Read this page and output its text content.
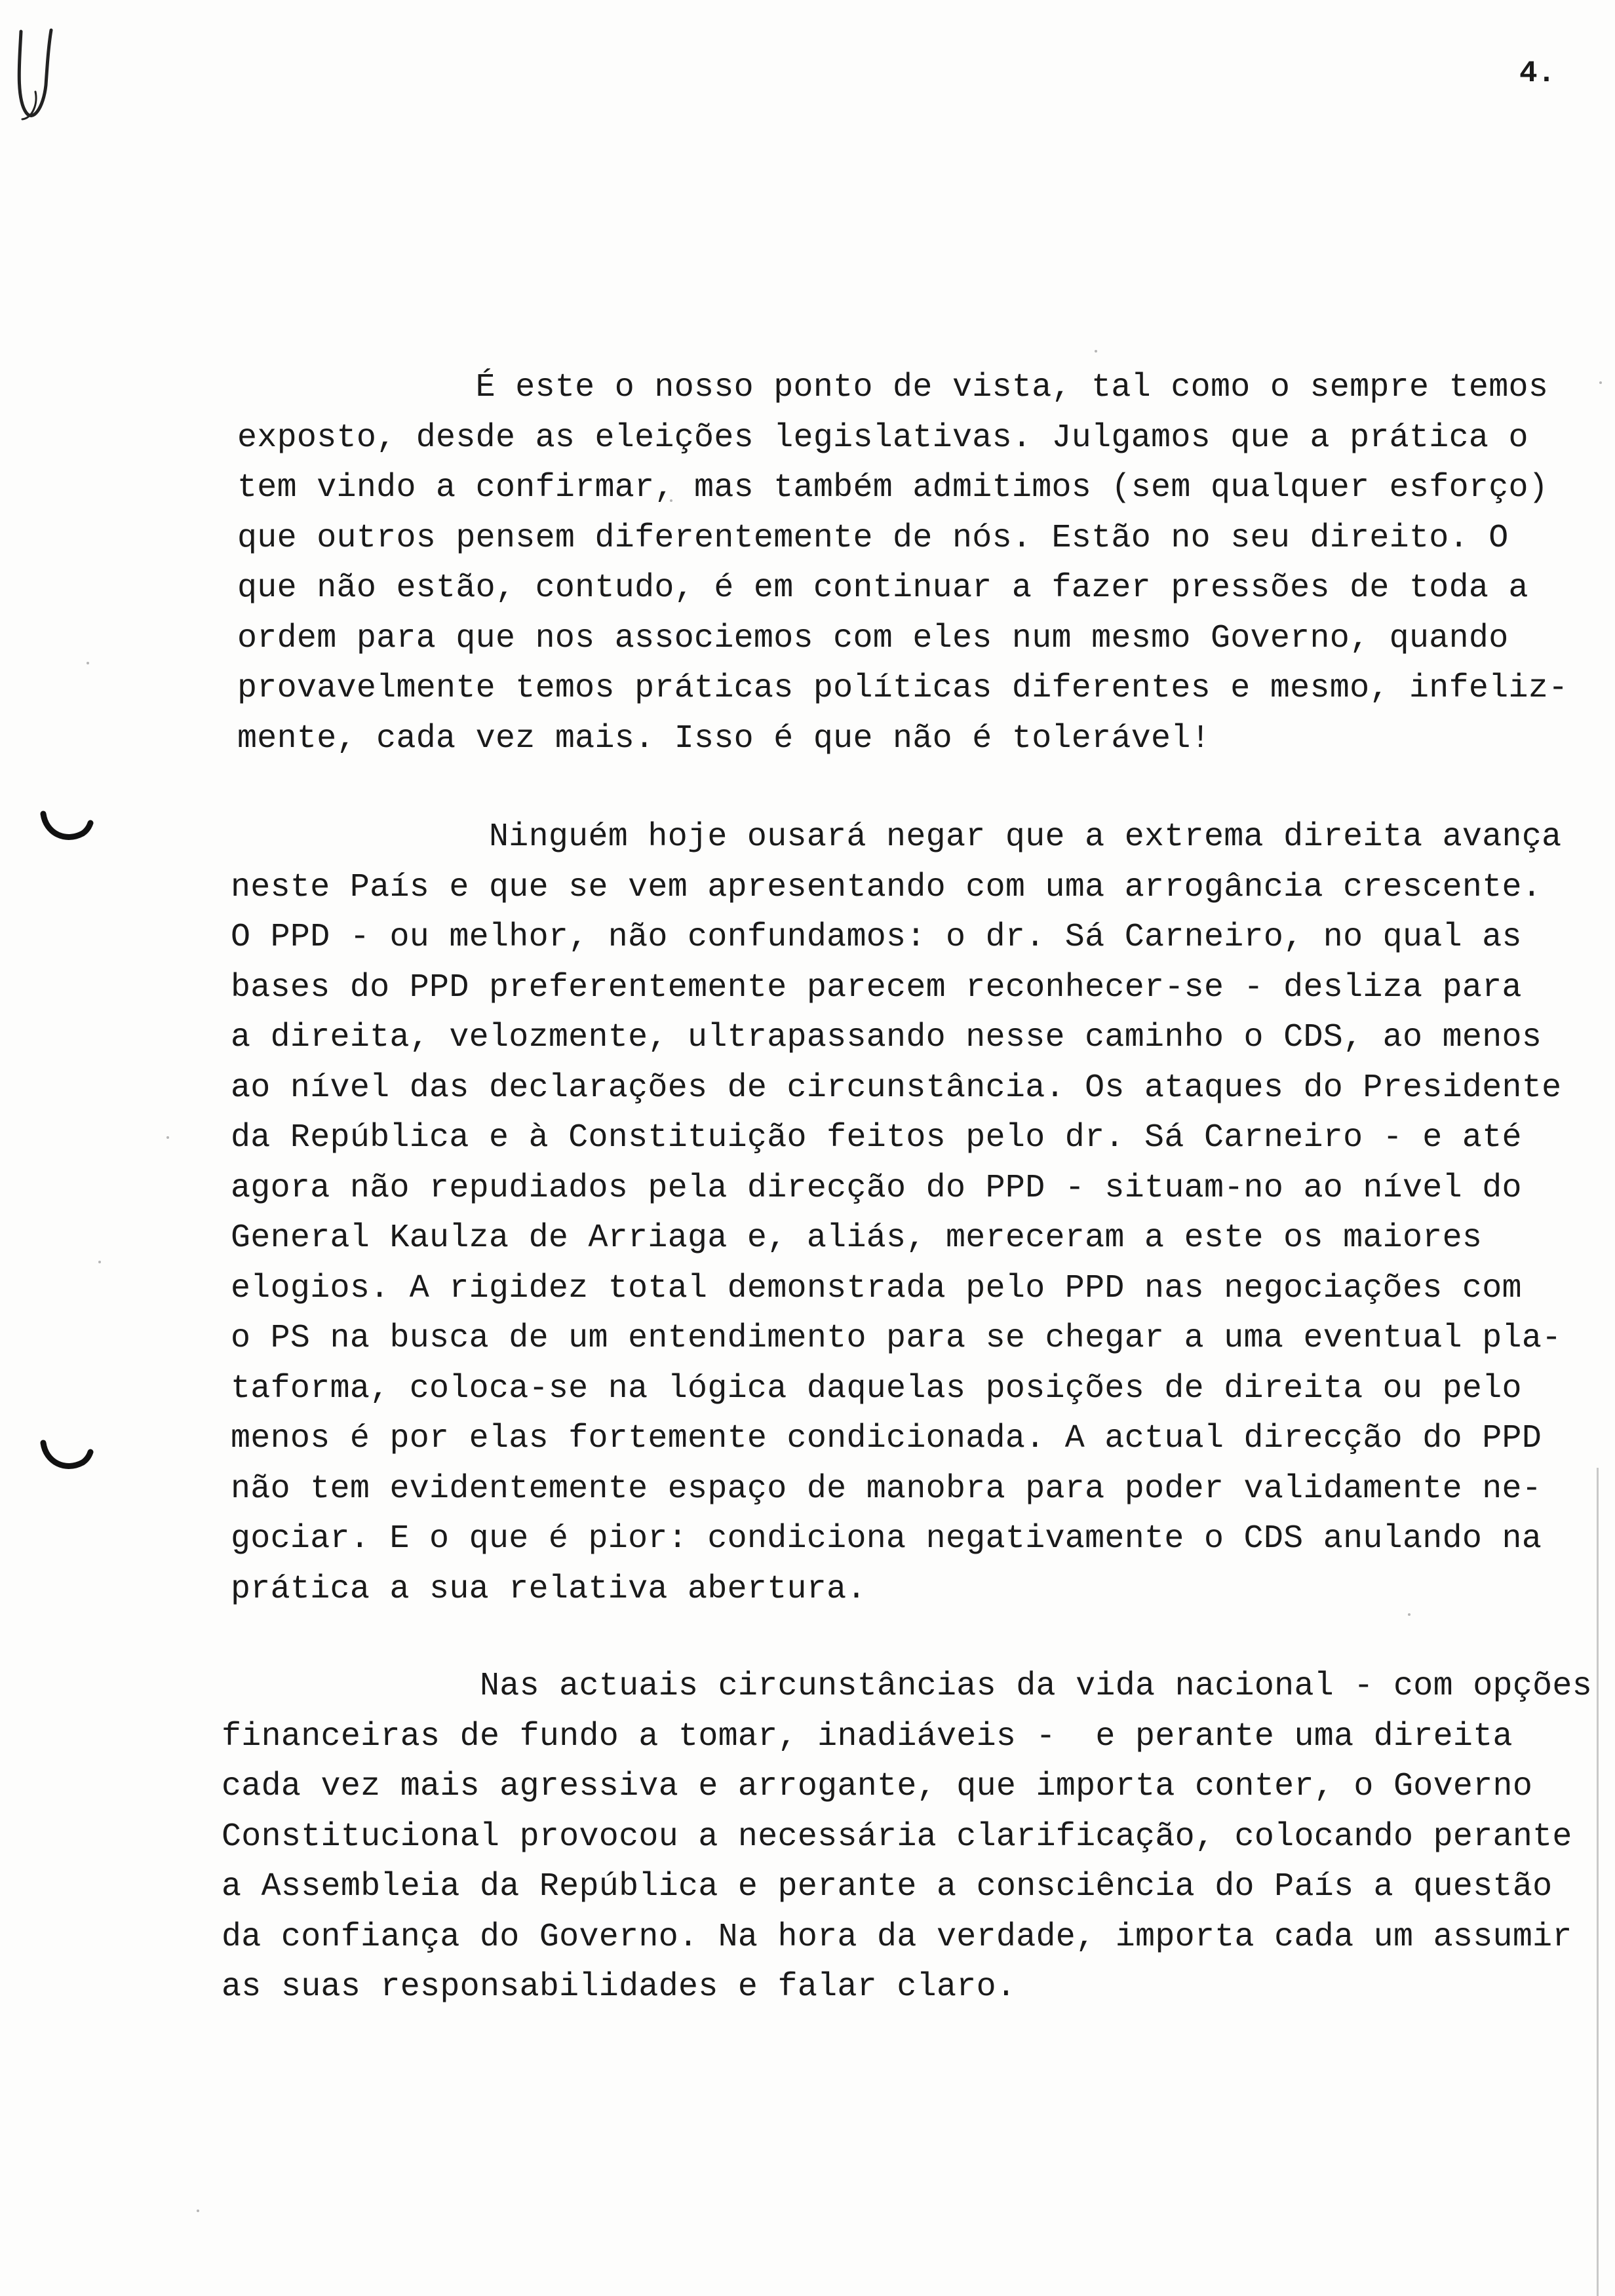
4.

É este o nosso ponto de vista, tal como o sempre temos
exposto, desde as eleições legislativas. Julgamos que a prática o
tem vindo a confirmar, mas também admitimos (sem qualquer esforço)
que outros pensem diferentemente de nós. Estão no seu direito. O
que não estão, contudo, é em continuar a fazer pressões de toda a
ordem para que nos associemos com eles num mesmo Governo, quando
provavelmente temos práticas políticas diferentes e mesmo, infeliz-
mente, cada vez mais. Isso é que não é tolerável!

Ninguém hoje ousará negar que a extrema direita avança
neste País e que se vem apresentando com uma arrogância crescente.
O PPD - ou melhor, não confundamos: o dr. Sá Carneiro, no qual as
bases do PPD preferentemente parecem reconhecer-se - desliza para
a direita, velozmente, ultrapassando nesse caminho o CDS, ao menos
ao nível das declarações de circunstância. Os ataques do Presidente
da República e à Constituição feitos pelo dr. Sá Carneiro - e até
agora não repudiados pela direcção do PPD - situam-no ao nível do
General Kaulza de Arriaga e, aliás, mereceram a este os maiores
elogios. A rigidez total demonstrada pelo PPD nas negociações com
o PS na busca de um entendimento para se chegar a uma eventual pla-
taforma, coloca-se na lógica daquelas posições de direita ou pelo
menos é por elas fortemente condicionada. A actual direcção do PPD
não tem evidentemente espaço de manobra para poder validamente ne-
gociar. E o que é pior: condiciona negativamente o CDS anulando na
prática a sua relativa abertura.

Nas actuais circunstâncias da vida nacional - com opções
financeiras de fundo a tomar, inadiáveis -  e perante uma direita
cada vez mais agressiva e arrogante, que importa conter, o Governo
Constitucional provocou a necessária clarificação, colocando perante
a Assembleia da República e perante a consciência do País a questão
da confiança do Governo. Na hora da verdade, importa cada um assumir
as suas responsabilidades e falar claro.
